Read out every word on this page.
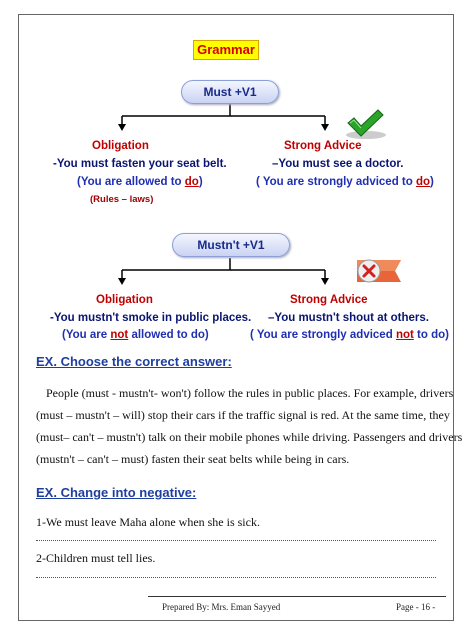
Grammar
Must +V1
Obligation
-You must fasten your seat belt.
(You are allowed to do)
(Rules – laws)
Strong Advice
–You must see a doctor.
( You are strongly adviced to do)
Mustn't +V1
Obligation
-You mustn't smoke in public places.
(You are not allowed to do)
Strong Advice
–You mustn't shout at others.
( You are strongly adviced not to do)
EX. Choose the correct answer:
People (must - mustn't- won't) follow the rules in public places. For example, drivers
(must – mustn't – will) stop their cars if the traffic signal is red. At the same time, they
(must– can't – mustn't) talk on their mobile phones while driving. Passengers and drivers
(mustn't – can't – must) fasten their seat belts while being in cars.
EX. Change into negative:
1-We must leave Maha alone when she is sick.
2-Children must tell lies.
Prepared By: Mrs. Eman Sayyed	Page - 16 -
